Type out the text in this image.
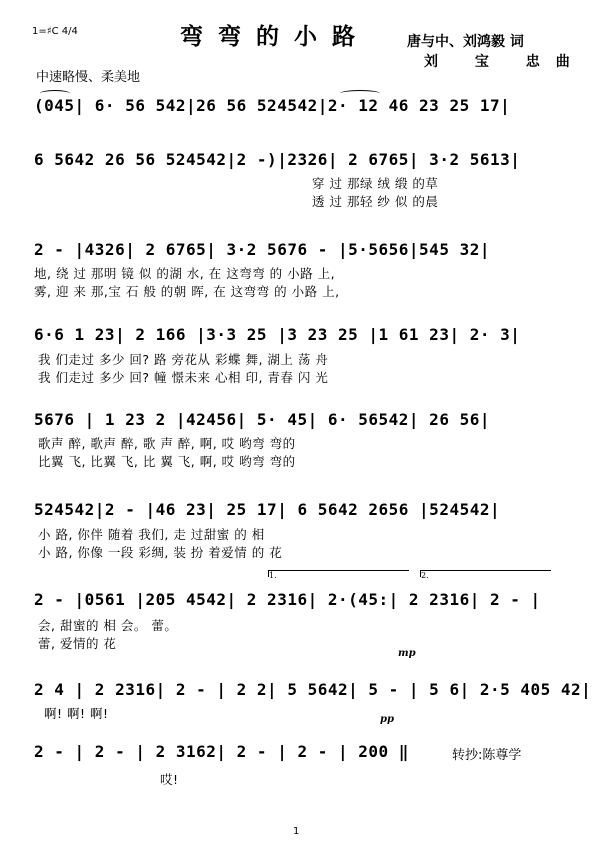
1=♯C 4/4	弯弯的小路	唐与中、刘鸿毅 词
刘 宝 忠曲
中速略慢、柔美地
(045| 6· 56 542|26 56 524542|2· 12 46 23 25 17|
6 5642 26 56 524542|2 -)|2326| 2 6765| 3·2 5613|
穿 过 那绿 绒 缎 的草
透 过 那轻 纱 似 的晨
2 - |4326| 2 6765| 3·2 5676 - |5·5656|545 32|
地, 绕 过 那明 镜 似 的湖 水, 在 这弯弯 的 小路 上,
雾, 迎 来 那,宝 石 般 的朝 晖, 在 这弯弯 的 小路 上,
6·6 1 23| 2 166 |3·3 25 |3 23 25 |1 61 23| 2· 3|
我 们走过 多少 回? 路 旁花从 彩蝶 舞, 湖上 荡 舟
我 们走过 多少 回? 幢 憬未来 心相 印, 青春 闪 光
5676 | 1 23 2 |42456| 5· 45| 6· 56542| 26 56|
歌声 醉, 歌声 醉, 歌 声 醉, 啊, 哎 哟弯 弯的
比翼 飞, 比翼 飞, 比 翼 飞, 啊, 哎 哟弯 弯的
524542|2 - |46 23| 25 17| 6 5642 2656 |524542|
小 路, 你伴 随着 我们, 走 过甜蜜 的 相
小 路, 你像 一段 彩绸, 装 扮 着爱情 的 花
1.	2.
2 - |0561 |205 4542| 2 2316| 2·(45:| 2 2316| 2 - |
会, 甜蜜的 相 会。 蕾。
蕾, 爱情的 花
mp
2 4 | 2 2316| 2 - | 2 2| 5 5642| 5 - | 5 6| 2·5 405 42|
啊! 啊! 啊!	pp
2 - | 2 - | 2 3162| 2 - | 2 - | 200 ‖
哎!
转抄:陈尊学
1
